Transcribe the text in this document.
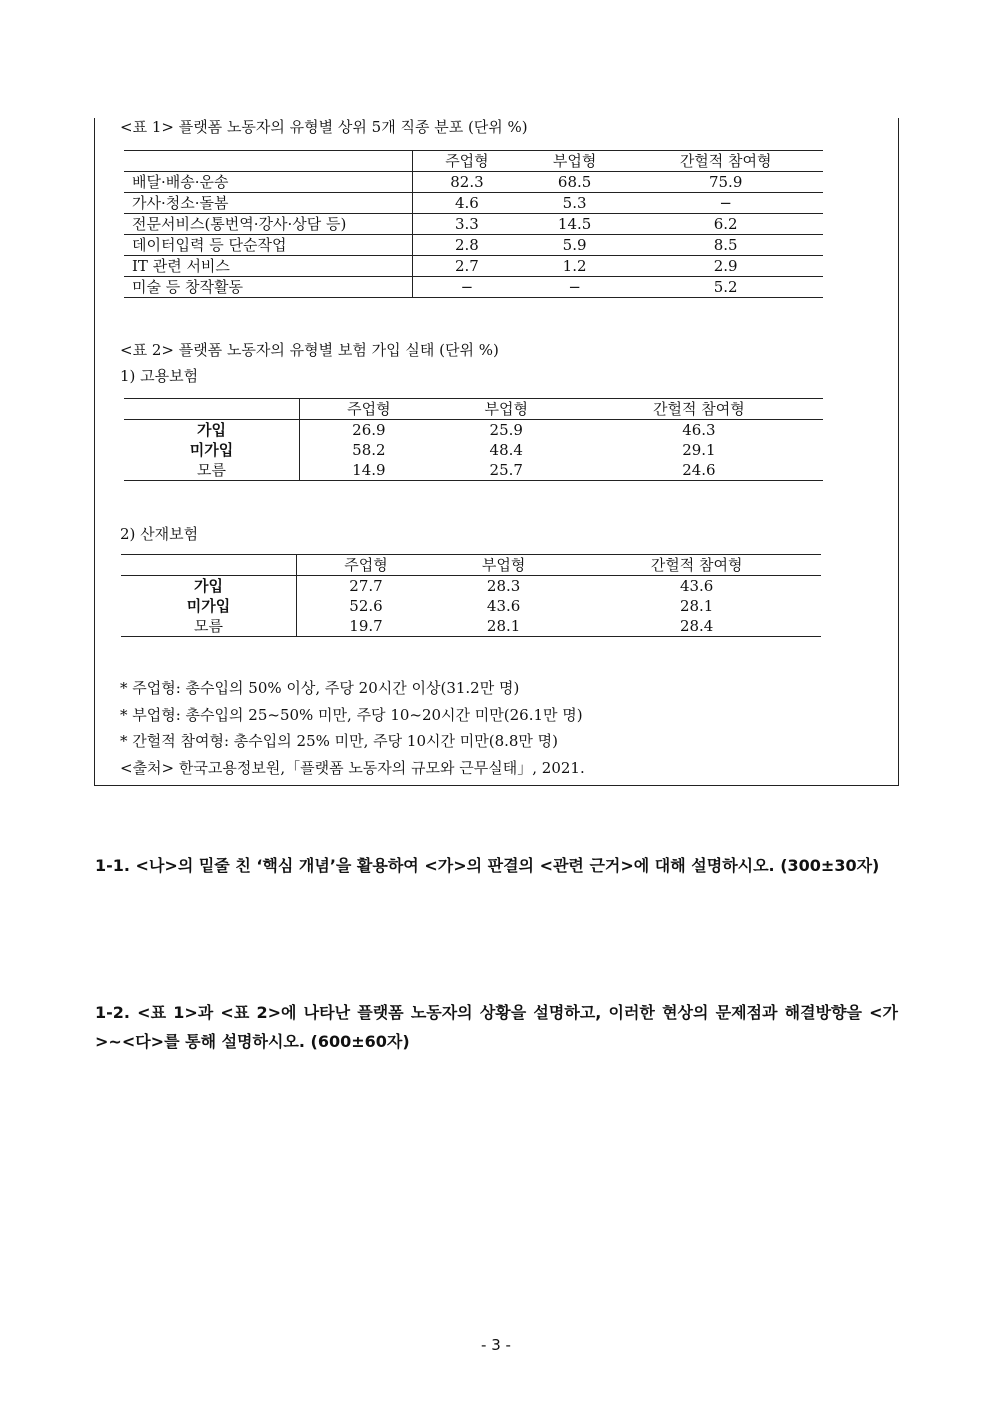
<표 1> 플랫폼 노동자의 유형별 상위 5개 직종 분포 (단위 %)
	주업형	부업형	간헐적 참여형
배달·배송·운송	82.3	68.5	75.9
가사·청소·돌봄	4.6	5.3	−
전문서비스(통번역·강사·상담 등)	3.3	14.5	6.2
데이터입력 등 단순작업	2.8	5.9	8.5
IT 관련 서비스	2.7	1.2	2.9
미술 등 창작활동	−	−	5.2
<표 2> 플랫폼 노동자의 유형별 보험 가입 실태 (단위 %)
1) 고용보험
	주업형	부업형	간헐적 참여형
가입	26.9	25.9	46.3
미가입	58.2	48.4	29.1
모름	14.9	25.7	24.6
2) 산재보험
	주업형	부업형	간헐적 참여형
가입	27.7	28.3	43.6
미가입	52.6	43.6	28.1
모름	19.7	28.1	28.4
* 주업형: 총수입의 50% 이상, 주당 20시간 이상(31.2만 명)
* 부업형: 총수입의 25~50% 미만, 주당 10~20시간 미만(26.1만 명)
* 간헐적 참여형: 총수입의 25% 미만, 주당 10시간 미만(8.8만 명)
<출처> 한국고용정보원,「플랫폼 노동자의 규모와 근무실태」, 2021.
1-1. <나>의 밑줄 친 ‘핵심 개념’을 활용하여 <가>의 판결의 <관련 근거>에 대해 설명하시오. (300±30자)
1-2. <표 1>과 <표 2>에 나타난 플랫폼 노동자의 상황을 설명하고, 이러한 현상의 문제점과 해결방향을 <가>~<다>를 통해 설명하시오. (600±60자)
- 3 -
